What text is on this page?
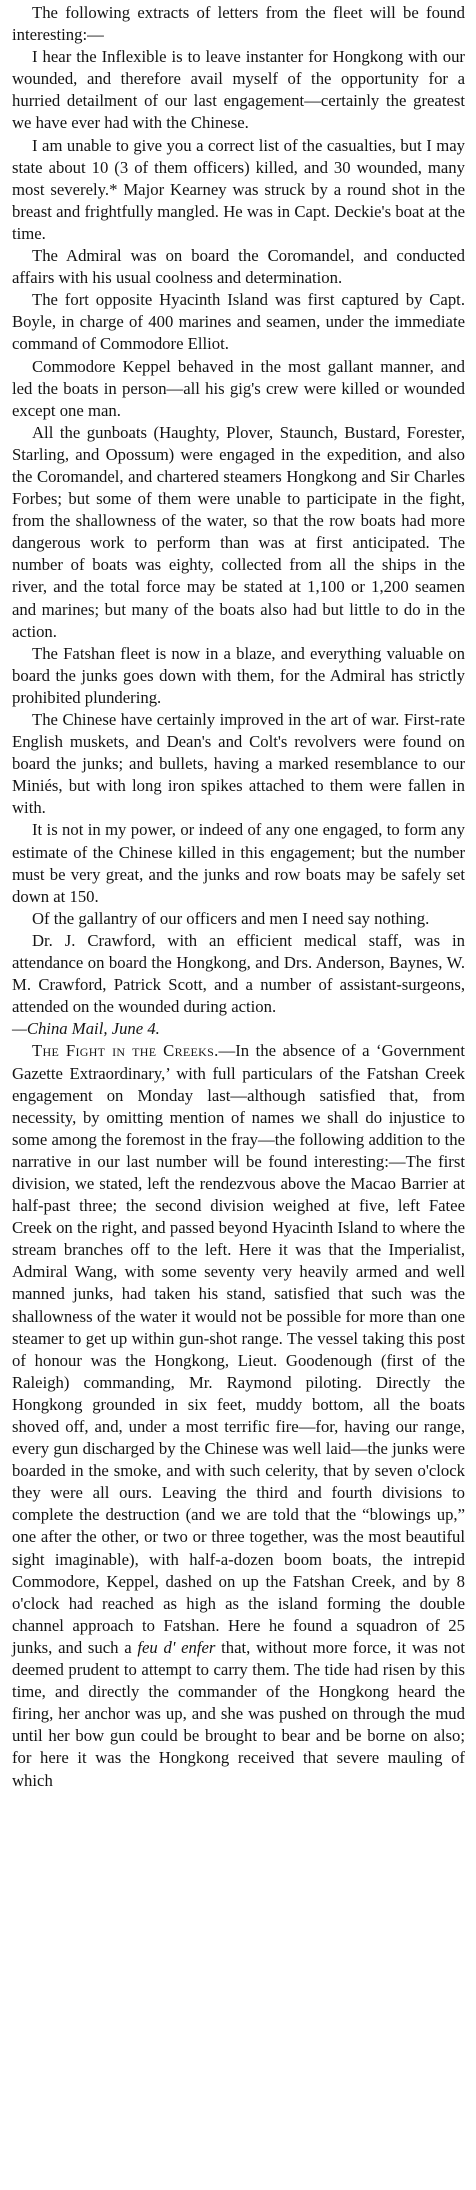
The following extracts of letters from the fleet will be found interesting:—

I hear the Inflexible is to leave instanter for Hongkong with our wounded, and therefore avail myself of the opportunity for a hurried detailment of our last engagement—certainly the greatest we have ever had with the Chinese.

I am unable to give you a correct list of the casualties, but I may state about 10 (3 of them officers) killed, and 30 wounded, many most severely.* Major Kearney was struck by a round shot in the breast and frightfully mangled. He was in Capt. Deckie's boat at the time.

The Admiral was on board the Coromandel, and conducted affairs with his usual coolness and determination.

The fort opposite Hyacinth Island was first captured by Capt. Boyle, in charge of 400 marines and seamen, under the immediate command of Commodore Elliot.

Commodore Keppel behaved in the most gallant manner, and led the boats in person—all his gig's crew were killed or wounded except one man.

All the gunboats (Haughty, Plover, Staunch, Bustard, Forester, Starling, and Opossum) were engaged in the expedition, and also the Coromandel, and chartered steamers Hongkong and Sir Charles Forbes; but some of them were unable to participate in the fight, from the shallowness of the water, so that the row boats had more dangerous work to perform than was at first anticipated. The number of boats was eighty, collected from all the ships in the river, and the total force may be stated at 1,100 or 1,200 seamen and marines; but many of the boats also had but little to do in the action.

The Fatshan fleet is now in a blaze, and everything valuable on board the junks goes down with them, for the Admiral has strictly prohibited plundering.

The Chinese have certainly improved in the art of war. First-rate English muskets, and Dean's and Colt's revolvers were found on board the junks; and bullets, having a marked resemblance to our Miniés, but with long iron spikes attached to them were fallen in with.

It is not in my power, or indeed of any one engaged, to form any estimate of the Chinese killed in this engagement; but the number must be very great, and the junks and row boats may be safely set down at 150.

Of the gallantry of our officers and men I need say nothing.

Dr. J. Crawford, with an efficient medical staff, was in attendance on board the Hongkong, and Drs. Anderson, Baynes, W. M. Crawford, Patrick Scott, and a number of assistant-surgeons, attended on the wounded during action.
—China Mail, June 4.

The Fight in the Creeks.—In the absence of a ‘Government Gazette Extraordinary,’ with full particulars of the Fatshan Creek engagement on Monday last—although satisfied that, from necessity, by omitting mention of names we shall do injustice to some among the foremost in the fray—the following addition to the narrative in our last number will be found interesting:—The first division, we stated, left the rendezvous above the Macao Barrier at half-past three; the second division weighed at five, left Fatee Creek on the right, and passed beyond Hyacinth Island to where the stream branches off to the left. Here it was that the Imperialist, Admiral Wang, with some seventy very heavily armed and well manned junks, had taken his stand, satisfied that such was the shallowness of the water it would not be possible for more than one steamer to get up within gun-shot range. The vessel taking this post of honour was the Hongkong, Lieut. Goodenough (first of the Raleigh) commanding, Mr. Raymond piloting. Directly the Hongkong grounded in six feet, muddy bottom, all the boats shoved off, and, under a most terrific fire—for, having our range, every gun discharged by the Chinese was well laid—the junks were boarded in the smoke, and with such celerity, that by seven o'clock they were all ours. Leaving the third and fourth divisions to complete the destruction (and we are told that the “blowings up,” one after the other, or two or three together, was the most beautiful sight imaginable), with half-a-dozen boom boats, the intrepid Commodore, Keppel, dashed on up the Fatshan Creek, and by 8 o'clock had reached as high as the island forming the double channel approach to Fatshan. Here he found a squadron of 25 junks, and such a feu d' enfer that, without more force, it was not deemed prudent to attempt to carry them. The tide had risen by this time, and directly the commander of the Hongkong heard the firing, her anchor was up, and she was pushed on through the mud until her bow gun could be brought to bear and be borne on also; for here it was the Hongkong received that severe mauling of which
